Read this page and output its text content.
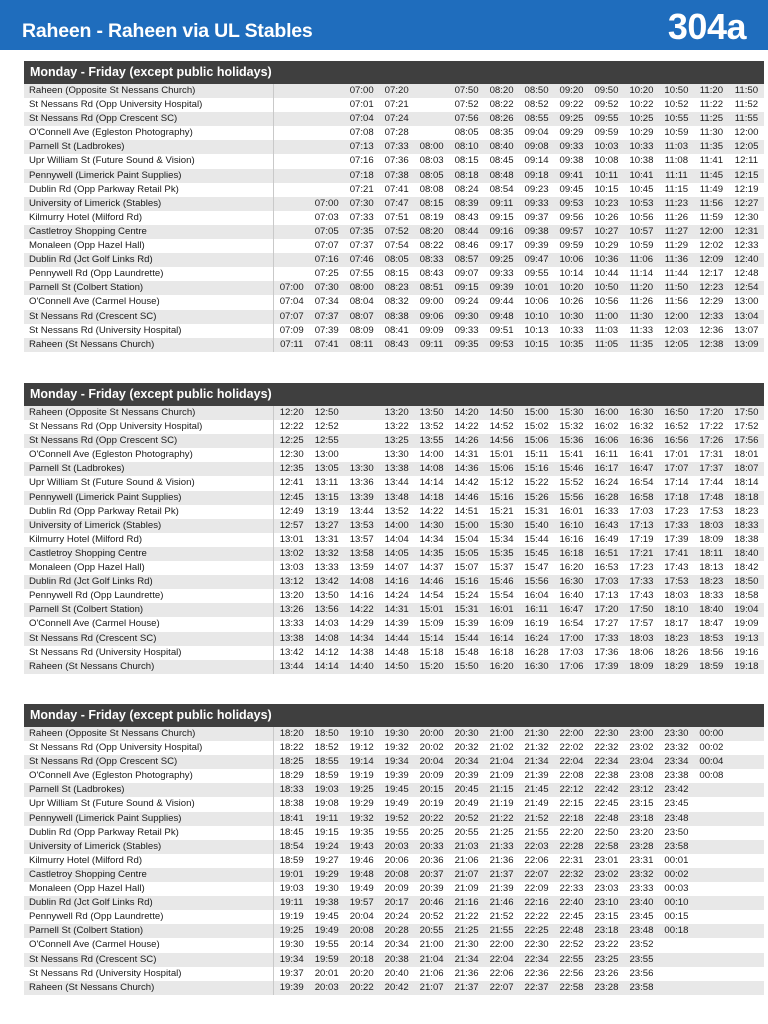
Raheen - Raheen via UL Stables	304a
Monday - Friday (except public holidays)
Raheen (Opposite St Nessans Church)			07:00	07:20		07:50	08:20	08:50	09:20	09:50	10:20	10:50	11:20	11:50
St Nessans Rd (Opp University Hospital)			07:01	07:21		07:52	08:22	08:52	09:22	09:52	10:22	10:52	11:22	11:52
St Nessans Rd (Opp Crescent SC)			07:04	07:24		07:56	08:26	08:55	09:25	09:55	10:25	10:55	11:25	11:55
O'Connell Ave (Egleston Photography)			07:08	07:28		08:05	08:35	09:04	09:29	09:59	10:29	10:59	11:30	12:00
Parnell St (Ladbrokes)			07:13	07:33	08:00	08:10	08:40	09:08	09:33	10:03	10:33	11:03	11:35	12:05
Upr William St (Future Sound & Vision)			07:16	07:36	08:03	08:15	08:45	09:14	09:38	10:08	10:38	11:08	11:41	12:11
Pennywell (Limerick Paint Supplies)			07:18	07:38	08:05	08:18	08:48	09:18	09:41	10:11	10:41	11:11	11:45	12:15
Dublin Rd (Opp Parkway Retail Pk)			07:21	07:41	08:08	08:24	08:54	09:23	09:45	10:15	10:45	11:15	11:49	12:19
University of Limerick (Stables)		07:00	07:30	07:47	08:15	08:39	09:11	09:33	09:53	10:23	10:53	11:23	11:56	12:27
Kilmurry Hotel (Milford Rd)		07:03	07:33	07:51	08:19	08:43	09:15	09:37	09:56	10:26	10:56	11:26	11:59	12:30
Castletroy Shopping Centre		07:05	07:35	07:52	08:20	08:44	09:16	09:38	09:57	10:27	10:57	11:27	12:00	12:31
Monaleen (Opp Hazel Hall)		07:07	07:37	07:54	08:22	08:46	09:17	09:39	09:59	10:29	10:59	11:29	12:02	12:33
Dublin Rd (Jct Golf Links Rd)		07:16	07:46	08:05	08:33	08:57	09:25	09:47	10:06	10:36	11:06	11:36	12:09	12:40
Pennywell Rd (Opp Laundrette)		07:25	07:55	08:15	08:43	09:07	09:33	09:55	10:14	10:44	11:14	11:44	12:17	12:48
Parnell St (Colbert Station)	07:00	07:30	08:00	08:23	08:51	09:15	09:39	10:01	10:20	10:50	11:20	11:50	12:23	12:54
O'Connell Ave (Carmel House)	07:04	07:34	08:04	08:32	09:00	09:24	09:44	10:06	10:26	10:56	11:26	11:56	12:29	13:00
St Nessans Rd (Crescent SC)	07:07	07:37	08:07	08:38	09:06	09:30	09:48	10:10	10:30	11:00	11:30	12:00	12:33	13:04
St Nessans Rd (University Hospital)	07:09	07:39	08:09	08:41	09:09	09:33	09:51	10:13	10:33	11:03	11:33	12:03	12:36	13:07
Raheen (St Nessans Church)	07:11	07:41	08:11	08:43	09:11	09:35	09:53	10:15	10:35	11:05	11:35	12:05	12:38	13:09
Monday - Friday (except public holidays)
Raheen (Opposite St Nessans Church)	12:20	12:50		13:20	13:50	14:20	14:50	15:00	15:30	16:00	16:30	16:50	17:20	17:50
St Nessans Rd (Opp University Hospital)	12:22	12:52		13:22	13:52	14:22	14:52	15:02	15:32	16:02	16:32	16:52	17:22	17:52
St Nessans Rd (Opp Crescent SC)	12:25	12:55		13:25	13:55	14:26	14:56	15:06	15:36	16:06	16:36	16:56	17:26	17:56
O'Connell Ave (Egleston Photography)	12:30	13:00		13:30	14:00	14:31	15:01	15:11	15:41	16:11	16:41	17:01	17:31	18:01
Parnell St (Ladbrokes)	12:35	13:05	13:30	13:38	14:08	14:36	15:06	15:16	15:46	16:17	16:47	17:07	17:37	18:07
Upr William St (Future Sound & Vision)	12:41	13:11	13:36	13:44	14:14	14:42	15:12	15:22	15:52	16:24	16:54	17:14	17:44	18:14
Pennywell (Limerick Paint Supplies)	12:45	13:15	13:39	13:48	14:18	14:46	15:16	15:26	15:56	16:28	16:58	17:18	17:48	18:18
Dublin Rd (Opp Parkway Retail Pk)	12:49	13:19	13:44	13:52	14:22	14:51	15:21	15:31	16:01	16:33	17:03	17:23	17:53	18:23
University of Limerick (Stables)	12:57	13:27	13:53	14:00	14:30	15:00	15:30	15:40	16:10	16:43	17:13	17:33	18:03	18:33
Kilmurry Hotel (Milford Rd)	13:01	13:31	13:57	14:04	14:34	15:04	15:34	15:44	16:16	16:49	17:19	17:39	18:09	18:38
Castletroy Shopping Centre	13:02	13:32	13:58	14:05	14:35	15:05	15:35	15:45	16:18	16:51	17:21	17:41	18:11	18:40
Monaleen (Opp Hazel Hall)	13:03	13:33	13:59	14:07	14:37	15:07	15:37	15:47	16:20	16:53	17:23	17:43	18:13	18:42
Dublin Rd (Jct Golf Links Rd)	13:12	13:42	14:08	14:16	14:46	15:16	15:46	15:56	16:30	17:03	17:33	17:53	18:23	18:50
Pennywell Rd (Opp Laundrette)	13:20	13:50	14:16	14:24	14:54	15:24	15:54	16:04	16:40	17:13	17:43	18:03	18:33	18:58
Parnell St (Colbert Station)	13:26	13:56	14:22	14:31	15:01	15:31	16:01	16:11	16:47	17:20	17:50	18:10	18:40	19:04
O'Connell Ave (Carmel House)	13:33	14:03	14:29	14:39	15:09	15:39	16:09	16:19	16:54	17:27	17:57	18:17	18:47	19:09
St Nessans Rd (Crescent SC)	13:38	14:08	14:34	14:44	15:14	15:44	16:14	16:24	17:00	17:33	18:03	18:23	18:53	19:13
St Nessans Rd (University Hospital)	13:42	14:12	14:38	14:48	15:18	15:48	16:18	16:28	17:03	17:36	18:06	18:26	18:56	19:16
Raheen (St Nessans Church)	13:44	14:14	14:40	14:50	15:20	15:50	16:20	16:30	17:06	17:39	18:09	18:29	18:59	19:18
Monday - Friday (except public holidays)
Raheen (Opposite St Nessans Church)	18:20	18:50	19:10	19:30	20:00	20:30	21:00	21:30	22:00	22:30	23:00	23:30	00:00	
St Nessans Rd (Opp University Hospital)	18:22	18:52	19:12	19:32	20:02	20:32	21:02	21:32	22:02	22:32	23:02	23:32	00:02	
St Nessans Rd (Opp Crescent SC)	18:25	18:55	19:14	19:34	20:04	20:34	21:04	21:34	22:04	22:34	23:04	23:34	00:04	
O'Connell Ave (Egleston Photography)	18:29	18:59	19:19	19:39	20:09	20:39	21:09	21:39	22:08	22:38	23:08	23:38	00:08	
Parnell St (Ladbrokes)	18:33	19:03	19:25	19:45	20:15	20:45	21:15	21:45	22:12	22:42	23:12	23:42		
Upr William St (Future Sound & Vision)	18:38	19:08	19:29	19:49	20:19	20:49	21:19	21:49	22:15	22:45	23:15	23:45		
Pennywell (Limerick Paint Supplies)	18:41	19:11	19:32	19:52	20:22	20:52	21:22	21:52	22:18	22:48	23:18	23:48		
Dublin Rd (Opp Parkway Retail Pk)	18:45	19:15	19:35	19:55	20:25	20:55	21:25	21:55	22:20	22:50	23:20	23:50		
University of Limerick (Stables)	18:54	19:24	19:43	20:03	20:33	21:03	21:33	22:03	22:28	22:58	23:28	23:58		
Kilmurry Hotel (Milford Rd)	18:59	19:27	19:46	20:06	20:36	21:06	21:36	22:06	22:31	23:01	23:31	00:01		
Castletroy Shopping Centre	19:01	19:29	19:48	20:08	20:37	21:07	21:37	22:07	22:32	23:02	23:32	00:02		
Monaleen (Opp Hazel Hall)	19:03	19:30	19:49	20:09	20:39	21:09	21:39	22:09	22:33	23:03	23:33	00:03		
Dublin Rd (Jct Golf Links Rd)	19:11	19:38	19:57	20:17	20:46	21:16	21:46	22:16	22:40	23:10	23:40	00:10		
Pennywell Rd (Opp Laundrette)	19:19	19:45	20:04	20:24	20:52	21:22	21:52	22:22	22:45	23:15	23:45	00:15		
Parnell St (Colbert Station)	19:25	19:49	20:08	20:28	20:55	21:25	21:55	22:25	22:48	23:18	23:48	00:18		
O'Connell Ave (Carmel House)	19:30	19:55	20:14	20:34	21:00	21:30	22:00	22:30	22:52	23:22	23:52			
St Nessans Rd (Crescent SC)	19:34	19:59	20:18	20:38	21:04	21:34	22:04	22:34	22:55	23:25	23:55			
St Nessans Rd (University Hospital)	19:37	20:01	20:20	20:40	21:06	21:36	22:06	22:36	22:56	23:26	23:56			
Raheen (St Nessans Church)	19:39	20:03	20:22	20:42	21:07	21:37	22:07	22:37	22:58	23:28	23:58			
